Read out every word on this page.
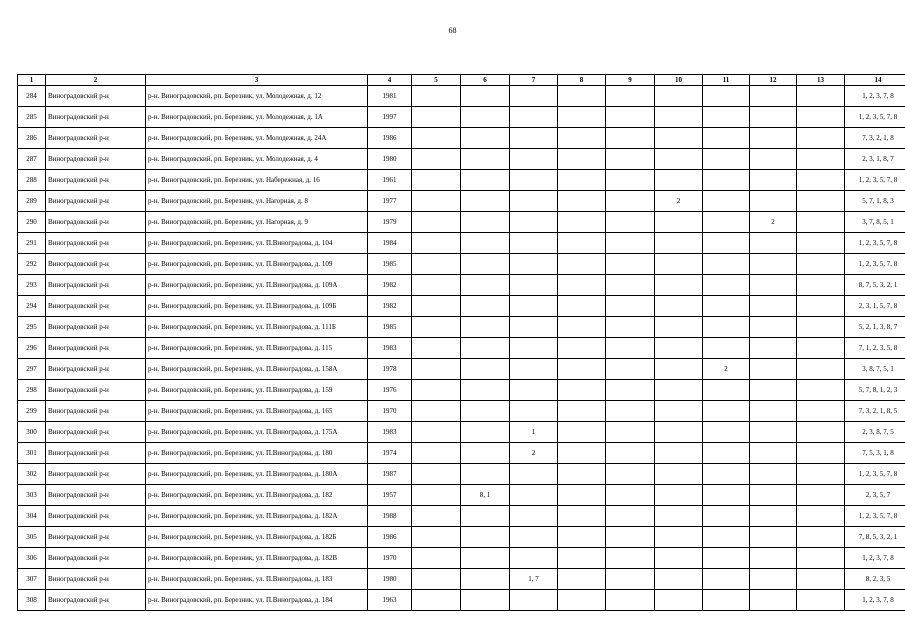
68
1	2	3	4	5	6	7	8	9	10	11	12	13	14
284	Виноградовский р-н	р-н. Виноградовский, рп. Березник, ул. Молодежная, д. 12	1981										1, 2, 3, 7, 8
285	Виноградовский р-н	р-н. Виноградовский, рп. Березник, ул. Молодежная, д. 1А	1997										1, 2, 3, 5, 7, 8
286	Виноградовский р-н	р-н. Виноградовский, рп. Березник, ул. Молодежная, д. 24А	1986										7, 3, 2, 1, 8
287	Виноградовский р-н	р-н. Виноградовский, рп. Березник, ул. Молодежная, д. 4	1980										2, 3, 1, 8, 7
288	Виноградовский р-н	р-н. Виноградовский, рп. Березник, ул. Набережная, д. 16	1961										1, 2, 3, 5, 7, 8
289	Виноградовский р-н	р-н. Виноградовский, рп. Березник, ул. Нагорная, д. 8	1977						2				5, 7, 1, 8, 3
290	Виноградовский р-н	р-н. Виноградовский, рп. Березник, ул. Нагорная, д. 9	1979								2		3, 7, 8, 5, 1
291	Виноградовский р-н	р-н. Виноградовский, рп. Березник, ул. П.Виноградова, д. 104	1984										1, 2, 3, 5, 7, 8
292	Виноградовский р-н	р-н. Виноградовский, рп. Березник, ул. П.Виноградова, д. 109	1985										1, 2, 3, 5, 7, 8
293	Виноградовский р-н	р-н. Виноградовский, рп. Березник, ул. П.Виноградова, д. 109А	1982										8, 7, 5, 3, 2, 1
294	Виноградовский р-н	р-н. Виноградовский, рп. Березник, ул. П.Виноградова, д. 109Б	1982										2, 3, 1, 5, 7, 8
295	Виноградовский р-н	р-н. Виноградовский, рп. Березник, ул. П.Виноградова, д. 111Б	1985										5, 2, 1, 3, 8, 7
296	Виноградовский р-н	р-н. Виноградовский, рп. Березник, ул. П.Виноградова, д. 115	1983										7, 1, 2, 3, 5, 8
297	Виноградовский р-н	р-н. Виноградовский, рп. Березник, ул. П.Виноградова, д. 158А	1978							2			3, 8, 7, 5, 1
298	Виноградовский р-н	р-н. Виноградовский, рп. Березник, ул. П.Виноградова, д. 159	1976										5, 7, 8, 1, 2, 3
299	Виноградовский р-н	р-н. Виноградовский, рп. Березник, ул. П.Виноградова, д. 165	1970										7, 3, 2, 1, 8, 5
300	Виноградовский р-н	р-н. Виноградовский, рп. Березник, ул. П.Виноградова, д. 175А	1983			1							2, 3, 8, 7, 5
301	Виноградовский р-н	р-н. Виноградовский, рп. Березник, ул. П.Виноградова, д. 180	1974			2							7, 5, 3, 1, 8
302	Виноградовский р-н	р-н. Виноградовский, рп. Березник, ул. П.Виноградова, д. 180А	1987										1, 2, 3, 5, 7, 8
303	Виноградовский р-н	р-н. Виноградовский, рп. Березник, ул. П.Виноградова, д. 182	1957		8, 1								2, 3, 5, 7
304	Виноградовский р-н	р-н. Виноградовский, рп. Березник, ул. П.Виноградова, д. 182А	1988										1, 2, 3, 5, 7, 8
305	Виноградовский р-н	р-н. Виноградовский, рп. Березник, ул. П.Виноградова, д. 182Б	1986										7, 8, 5, 3, 2, 1
306	Виноградовский р-н	р-н. Виноградовский, рп. Березник, ул. П.Виноградова, д. 182В	1970										1, 2, 3, 7, 8
307	Виноградовский р-н	р-н. Виноградовский, рп. Березник, ул. П.Виноградова, д. 183	1980			1, 7							8, 2, 3, 5
308	Виноградовский р-н	р-н. Виноградовский, рп. Березник, ул. П.Виноградова, д. 184	1963										1, 2, 3, 7, 8
